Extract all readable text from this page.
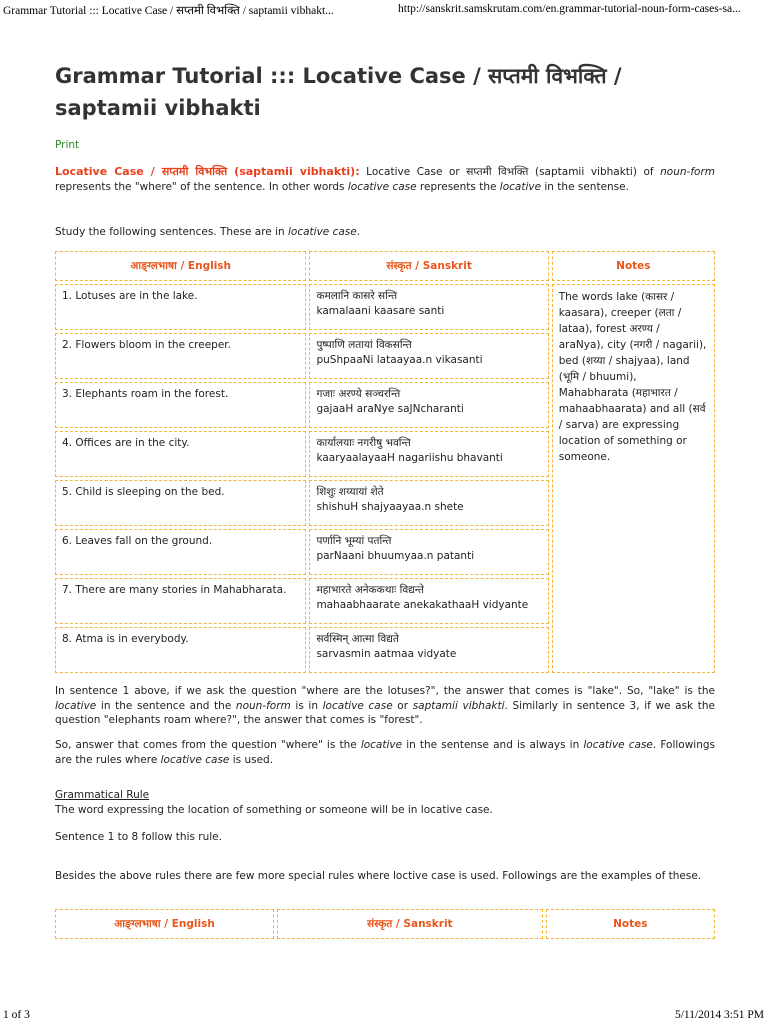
Grammar Tutorial ::: Locative Case / सप्तमी विभक्ति / saptamii vibhakt...	http://sanskrit.samskrutam.com/en.grammar-tutorial-noun-form-cases-sa...
Grammar Tutorial ::: Locative Case / सप्तमी विभक्ति / saptamii vibhakti
Print

Locative Case / सप्तमी विभक्ति (saptamii vibhakti): Locative Case or सप्तमी विभक्ति (saptamii vibhakti) of noun-form represents the "where" of the sentence. In other words locative case represents the locative in the sentense.

Study the following sentences. These are in locative case.

आङ्ग्लभाषा / English	संस्कृत / Sanskrit	Notes
1. Lotuses are in the lake.	कमलानि कासरे सन्ति
kamalaani kaasare santi	The words lake (कासर / kaasara), creeper (लता / lataa), forest अरण्य / araNya), city (नगरी / nagarii), bed (शय्या / shajyaa), land (भूमि / bhuumi), Mahabharata (महाभारत / mahaabhaarata) and all (सर्व / sarva) are expressing location of something or someone.
2. Flowers bloom in the creeper.	पुष्पाणि लतायां विकसन्ति
puShpaaNi lataayaa.n vikasanti	

3. Elephants roam in the forest.	गजाः अरण्ये सञ्चरन्ति
gajaaH araNye saJNcharanti	

4. Offices are in the city.	कार्यालयाः नगरीषु भवन्ति
kaaryaalayaaH nagariishu bhavanti	

5. Child is sleeping on the bed.	शिशुः शय्यायां शेते
shishuH shajyaayaa.n shete	

6. Leaves fall on the ground.	पर्णानि भूम्यां पतन्ति
parNaani bhuumyaa.n patanti	

7. There are many stories in Mahabharata.	महाभारते अनेककथाः विद्यन्ते
mahaabhaarate anekakathaaH vidyante	

8. Atma is in everybody.	सर्वस्मिन् आत्मा विद्यते
sarvasmin aatmaa vidyate	

In sentence 1 above, if we ask the question "where are the lotuses?", the answer that comes is "lake". So, "lake" is the locative in the sentence and the noun-form is in locative case or saptamii vibhakti. Similarly in sentence 3, if we ask the question "elephants roam where?", the answer that comes is "forest".

So, answer that comes from the question "where" is the locative in the sentense and is always in locative case. Followings are the rules where locative case is used.

Grammatical Rule

The word expressing the location of something or someone will be in locative case.

Sentence 1 to 8 follow this rule.

Besides the above rules there are few more special rules where loctive case is used. Followings are the examples of these.

आङ्ग्लभाषा / English	संस्कृत / Sanskrit	Notes
1 of 3	5/11/2014 3:51 PM
